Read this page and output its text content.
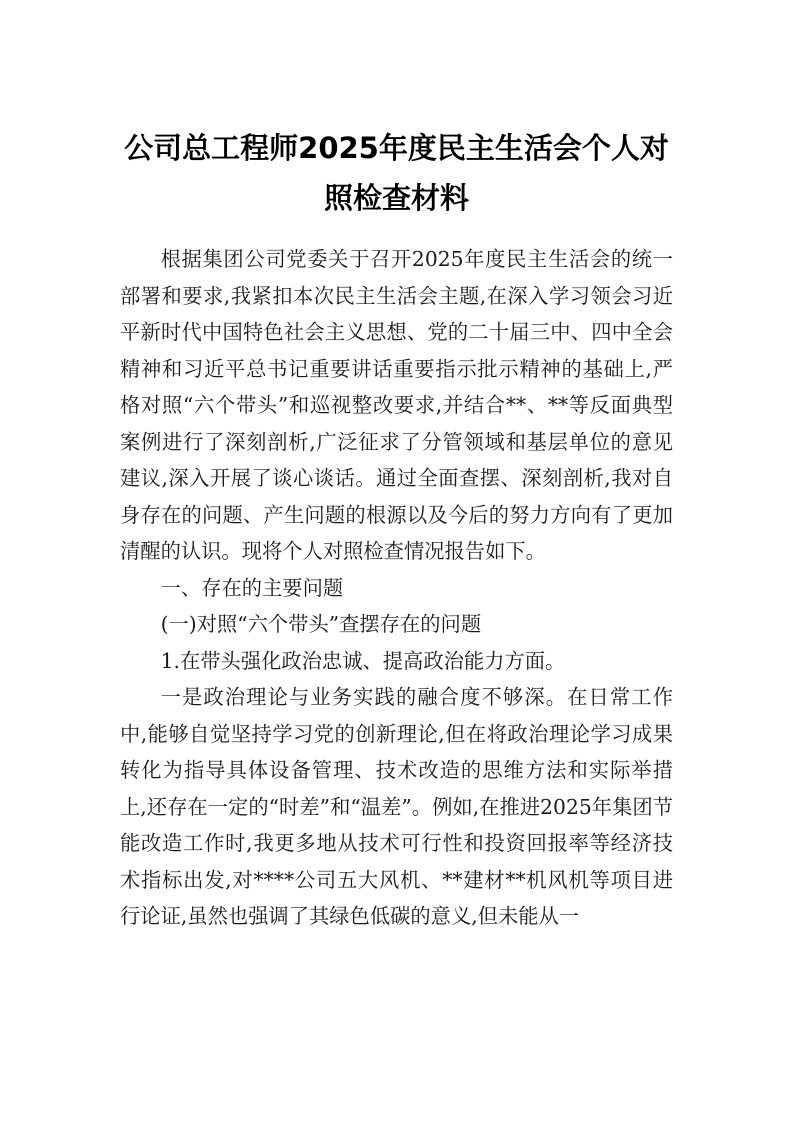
公司总工程师2025年度民主生活会个人对
照检查材料

根据集团公司党委关于召开2025年度民主生活会的统一部署和要求,我紧扣本次民主生活会主题,在深入学习领会习近平新时代中国特色社会主义思想、党的二十届三中、四中全会精神和习近平总书记重要讲话重要指示批示精神的基础上,严格对照“六个带头”和巡视整改要求,并结合**、**等反面典型案例进行了深刻剖析,广泛征求了分管领域和基层单位的意见建议,深入开展了谈心谈话。通过全面查摆、深刻剖析,我对自身存在的问题、产生问题的根源以及今后的努力方向有了更加清醒的认识。现将个人对照检查情况报告如下。

一、存在的主要问题

(一)对照“六个带头”查摆存在的问题

1.在带头强化政治忠诚、提高政治能力方面。

一是政治理论与业务实践的融合度不够深。在日常工作中,能够自觉坚持学习党的创新理论,但在将政治理论学习成果转化为指导具体设备管理、技术改造的思维方法和实际举措上,还存在一定的“时差”和“温差”。例如,在推进2025年集团节能改造工作时,我更多地从技术可行性和投资回报率等经济技术指标出发,对****公司五大风机、**建材**机风机等项目进行论证,虽然也强调了其绿色低碳的意义,但未能从一
